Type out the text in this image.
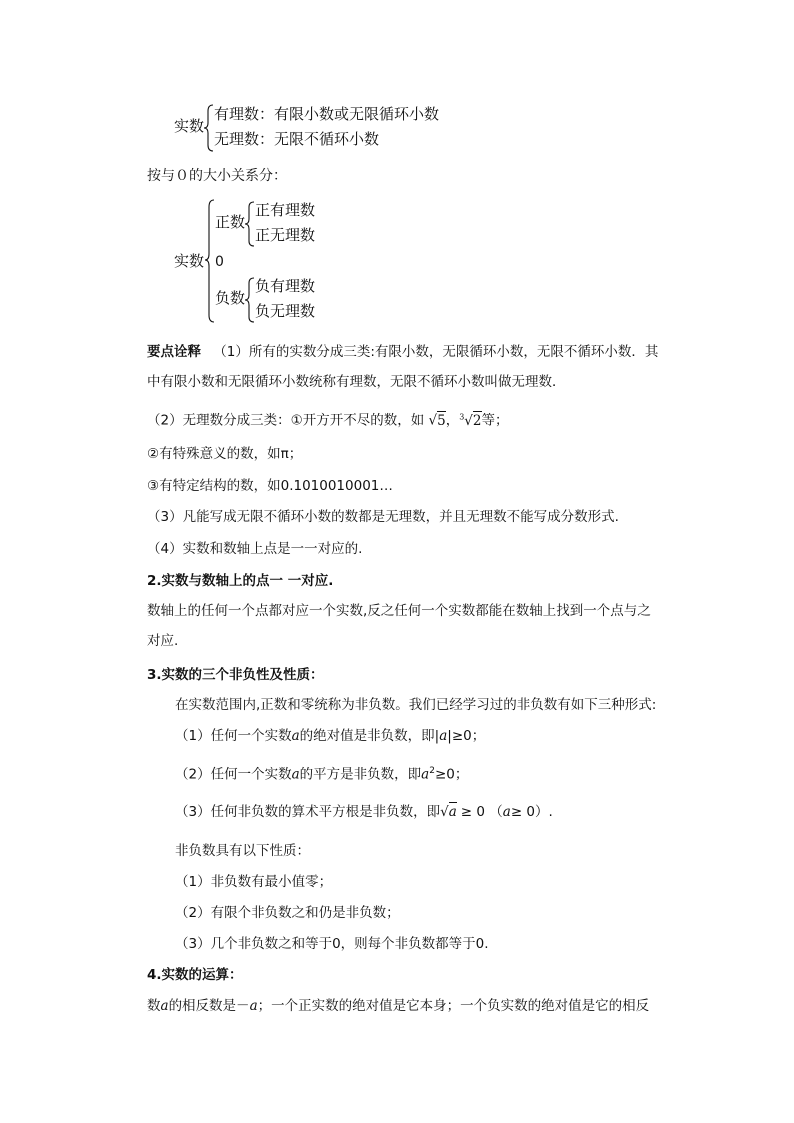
实数
有理数：有限小数或无限循环小数
无理数：无限不循环小数
按与０的大小关系分：
实数
正数
0
负数
正有理数
正无理数
负有理数
负无理数
要点诠释 （1）所有的实数分成三类:有限小数，无限循环小数，无限不循环小数．其
中有限小数和无限循环小数统称有理数，无限不循环小数叫做无理数．
（2）无理数分成三类：①开方开不尽的数，如 √5，$^3$√2等；
②有特殊意义的数，如π；
③有特定结构的数，如0.1010010001…
（3）凡能写成无限不循环小数的数都是无理数，并且无理数不能写成分数形式.
（4）实数和数轴上点是一一对应的.
2.实数与数轴上的点一 一对应.
数轴上的任何一个点都对应一个实数,反之任何一个实数都能在数轴上找到一个点与之
对应.
3.实数的三个非负性及性质：
在实数范围内,正数和零统称为非负数。我们已经学习过的非负数有如下三种形式:
（1）任何一个实数a的绝对值是非负数，即|a|≥0；
（2）任何一个实数a的平方是非负数，即$a^2\ge 0$；
（3）任何非负数的算术平方根是非负数，即√a ≥ 0 （a≥ 0）.
非负数具有以下性质：
（1）非负数有最小值零；
（2）有限个非负数之和仍是非负数；
（3）几个非负数之和等于0，则每个非负数都等于0.
4.实数的运算：
数a的相反数是－a；一个正实数的绝对值是它本身；一个负实数的绝对值是它的相反
